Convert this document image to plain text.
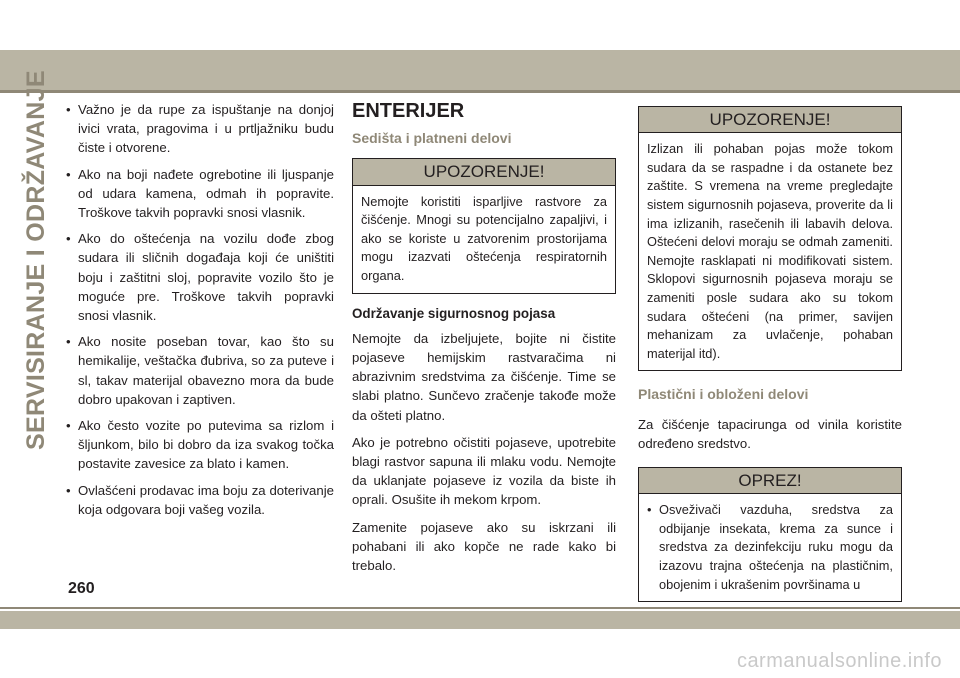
SERVISIRANJE I ODRŽAVANJE
•	Važno je da rupe za ispuštanje na donjoj ivici vrata, pragovima i u prtljažniku budu čiste i otvorene.
• Ako na boji nađete ogrebotine ili ljuspanje od udara kamena, odmah ih popravite. Troškove takvih popravki snosi vlasnik.
• Ako do oštećenja na vozilu dođe zbog sudara ili sličnih događaja koji će uništiti boju i zaštitni sloj, popravite vozilo što je moguće pre. Troškove takvih popravki snosi vlasnik.
• Ako nosite poseban tovar, kao što su hemikalije, veštačka đubriva, so za puteve i sl, takav materijal obavezno mora da bude dobro upakovan i zaptiven.
• Ako često vozite po putevima sa rizlom i šljunkom, bilo bi dobro da iza svakog točka postavite zavesice za blato i kamen.
• Ovlašćeni prodavac ima boju za doterivanje koja odgovara boji vašeg vozila.
ENTERIJER
Sedišta i platneni delovi
UPOZORENJE!
Nemojte koristiti isparljive rastvore za čišćenje. Mnogi su potencijalno zapaljivi, i ako se koriste u zatvorenim prostorijama mogu izazvati oštećenja respiratornih organa.
Održavanje sigurnosnog pojasa

Nemojte da izbeljujete, bojite ni čistite pojaseve hemijskim rastvaračima ni abrazivnim sredstvima za čišćenje. Time se slabi platno. Sunčevo zračenje takođe može da ošteti platno.

Ako je potrebno očistiti pojaseve, upotrebite blagi rastvor sapuna ili mlaku vodu. Nemojte da uklanjate pojaseve iz vozila da biste ih oprali. Osušite ih mekom krpom.

Zamenite pojaseve ako su iskrzani ili pohabani ili ako kopče ne rade kako bi trebalo.

UPOZORENJE!
Izlizan ili pohaban pojas može tokom sudara da se raspadne i da ostanete bez zaštite. S vremena na vreme pregledajte sistem sigurnosnih pojaseva, proverite da li ima izlizanih, rasečenih ili labavih delova. Oštećeni delovi moraju se odmah zameniti. Nemojte rasklapati ni modifikovati sistem. Sklopovi sigurnosnih pojaseva moraju se zameniti posle sudara ako su tokom sudara oštećeni (na primer, savijen mehanizam za uvlačenje, pohaban materijal itd).
Plastični i obloženi delovi

Za čišćenje tapacirunga od vinila koristite određeno sredstvo.

OPREZ!
• Osveživači vazduha, sredstva za odbijanje insekata, krema za sunce i sredstva za dezinfekciju ruku mogu da izazovu trajna oštećenja na plastičnim, obojenim i ukrašenim površinama u
260
carmanualsonline.info
